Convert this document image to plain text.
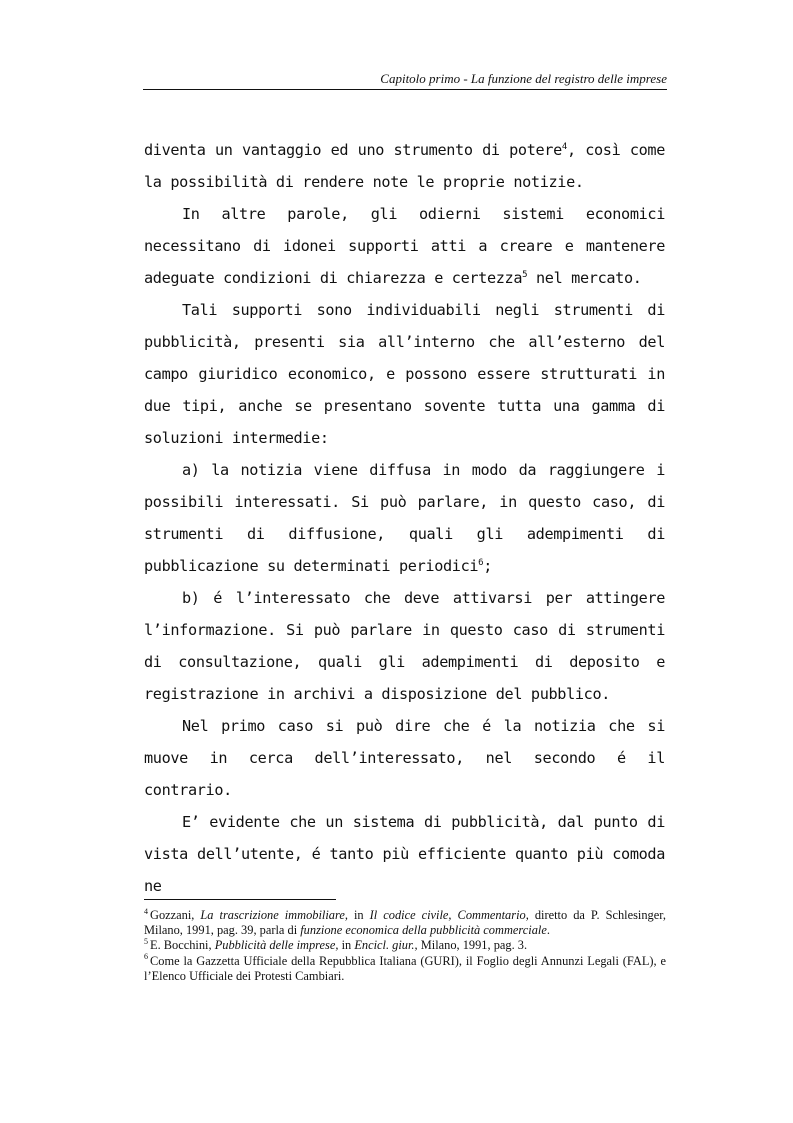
Capitolo primo - La funzione del registro delle imprese

diventa un vantaggio ed uno strumento di potere$^4$, così come la possibilità di rendere note le proprie notizie.

In altre parole, gli odierni sistemi economici necessitano di idonei supporti atti a creare e mantenere adeguate condizioni di chiarezza e certezza$^5$ nel mercato.

Tali supporti sono individuabili negli strumenti di pubblicità, presenti sia all’interno che all’esterno del campo giuridico economico, e possono essere strutturati in due tipi, anche se presentano sovente tutta una gamma di soluzioni intermedie:

a) la notizia viene diffusa in modo da raggiungere i possibili interessati. Si può parlare, in questo caso, di strumenti di diffusione, quali gli adempimenti di pubblicazione su determinati periodici$^6$;

b) é l’interessato che deve attivarsi per attingere l’informazione. Si può parlare in questo caso di strumenti di consultazione, quali gli adempimenti di deposito e registrazione in archivi a disposizione del pubblico.

Nel primo caso si può dire che é la notizia che si muove in cerca dell’interessato, nel secondo é il contrario.

E’ evidente che un sistema di pubblicità, dal punto di vista dell’utente, é tanto più efficiente quanto più comoda ne

$^4$ Gozzani, La trascrizione immobiliare, in Il codice civile, Commentario, diretto da P. Schlesinger, Milano, 1991, pag. 39, parla di funzione economica della pubblicità commerciale.

$^5$ E. Bocchini, Pubblicità delle imprese, in Encicl. giur., Milano, 1991, pag. 3.

$^6$ Come la Gazzetta Ufficiale della Repubblica Italiana (GURI), il Foglio degli Annunzi Legali (FAL), e l’Elenco Ufficiale dei Protesti Cambiari.
